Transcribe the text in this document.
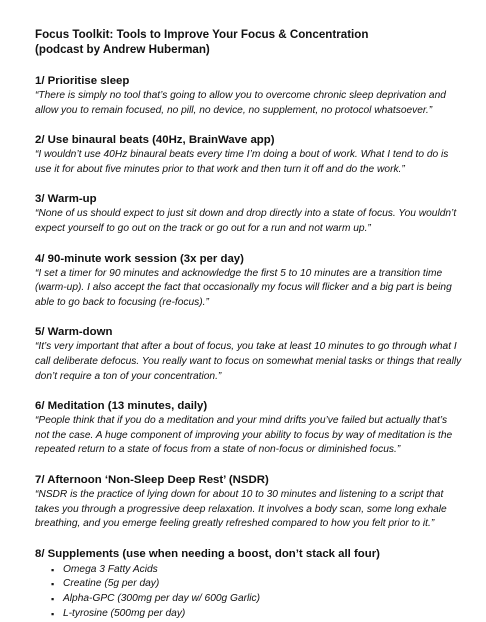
Focus Toolkit: Tools to Improve Your Focus & Concentration

(podcast by Andrew Huberman)

1/ Prioritise sleep

“There is simply no tool that’s going to allow you to overcome chronic sleep deprivation and allow you to remain focused, no pill, no device, no supplement, no protocol whatsoever.”

2/ Use binaural beats (40Hz, BrainWave app)

“I wouldn’t use 40Hz binaural beats every time I’m doing a bout of work. What I tend to do is use it for about five minutes prior to that work and then turn it off and do the work.”

3/ Warm-up

“None of us should expect to just sit down and drop directly into a state of focus. You wouldn’t expect yourself to go out on the track or go out for a run and not warm up.”

4/ 90-minute work session (3x per day)

“I set a timer for 90 minutes and acknowledge the first 5 to 10 minutes are a transition time (warm-up). I also accept the fact that occasionally my focus will flicker and a big part is being able to go back to focusing (re-focus).”

5/ Warm-down

“It’s very important that after a bout of focus, you take at least 10 minutes to go through what I call deliberate defocus. You really want to focus on somewhat menial tasks or things that really don’t require a ton of your concentration.”

6/ Meditation (13 minutes, daily)

“People think that if you do a meditation and your mind drifts you’ve failed but actually that’s not the case. A huge component of improving your ability to focus by way of meditation is the repeated return to a state of focus from a state of non-focus or diminished focus.”

7/ Afternoon ‘Non-Sleep Deep Rest’ (NSDR)

“NSDR is the practice of lying down for about 10 to 30 minutes and listening to a script that takes you through a progressive deep relaxation. It involves a body scan, some long exhale breathing, and you emerge feeling greatly refreshed compared to how you felt prior to it.”

8/ Supplements (use when needing a boost, don’t stack all four)

▪ Omega 3 Fatty Acids
▪ Creatine (5g per day)
▪ Alpha-GPC (300mg per day w/ 600g Garlic)
▪ L-tyrosine (500mg per day)
